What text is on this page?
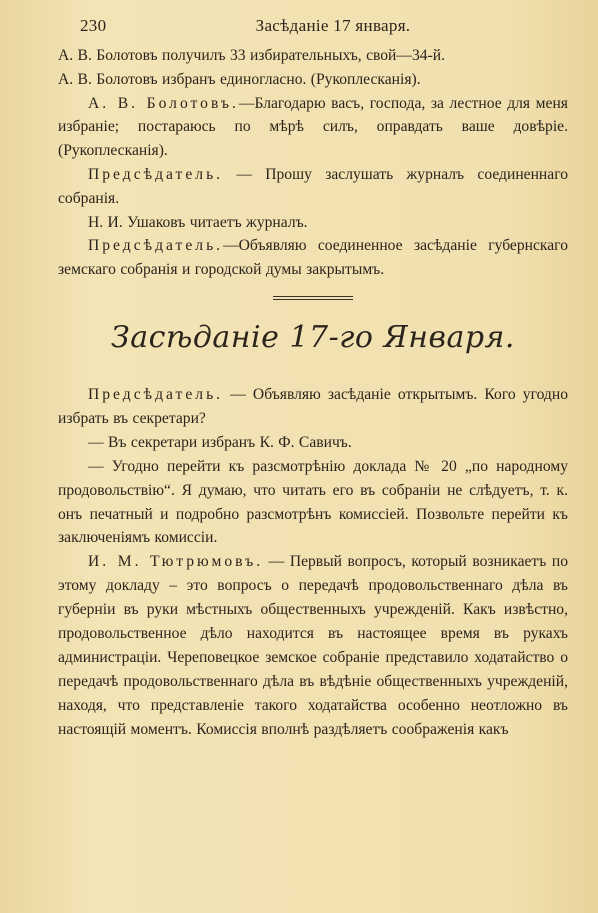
230	Засѣданіе 17 января.

А. В. Болотовъ получилъ 33 избирательныхъ, свой—34-й.

А. В. Болотовъ избранъ единогласно. (Рукоплесканія).

А. В. Болотовъ.—Благодарю васъ, господа, за лестное для меня избраніе; постараюсь по мѣрѣ силъ, оправдать ваше довѣріе. (Рукоплесканія).

Предсѣдатель. — Прошу заслушать журналъ соединеннаго собранія.

Н. И. Ушаковъ читаетъ журналъ.

Предсѣдатель.—Объявляю соединенное засѣданіе губернскаго земскаго собранія и городской думы закрытымъ.

Засѣданіе 17-го Января.

Предсѣдатель. — Объявляю засѣданіе открытымъ. Кого угодно избрать въ секретари?

— Въ секретари избранъ К. Ф. Савичъ.

— Угодно перейти къ разсмотрѣнію доклада № 20 „по народному продовольствію“. Я думаю, что читать его въ собраніи не слѣдуетъ, т. к. онъ печатный и подробно разсмотрѣнъ комиссіей. Позвольте перейти къ заключеніямъ комиссіи.

И. М. Тютрюмовъ. — Первый вопросъ, который возникаетъ по этому докладу – это вопросъ о передачѣ продовольственнаго дѣла въ губерніи въ руки мѣстныхъ общественныхъ учрежденій. Какъ извѣстно, продовольственное дѣло находится въ настоящее время въ рукахъ администраціи. Череповецкое земское собраніе представило ходатайство о передачѣ продовольственнаго дѣла въ вѣдѣніе общественныхъ учрежденій, находя, что представленіе такого ходатайства особенно неотложно въ настоящій моментъ. Комиссія вполнѣ раздѣляетъ соображенія какъ
